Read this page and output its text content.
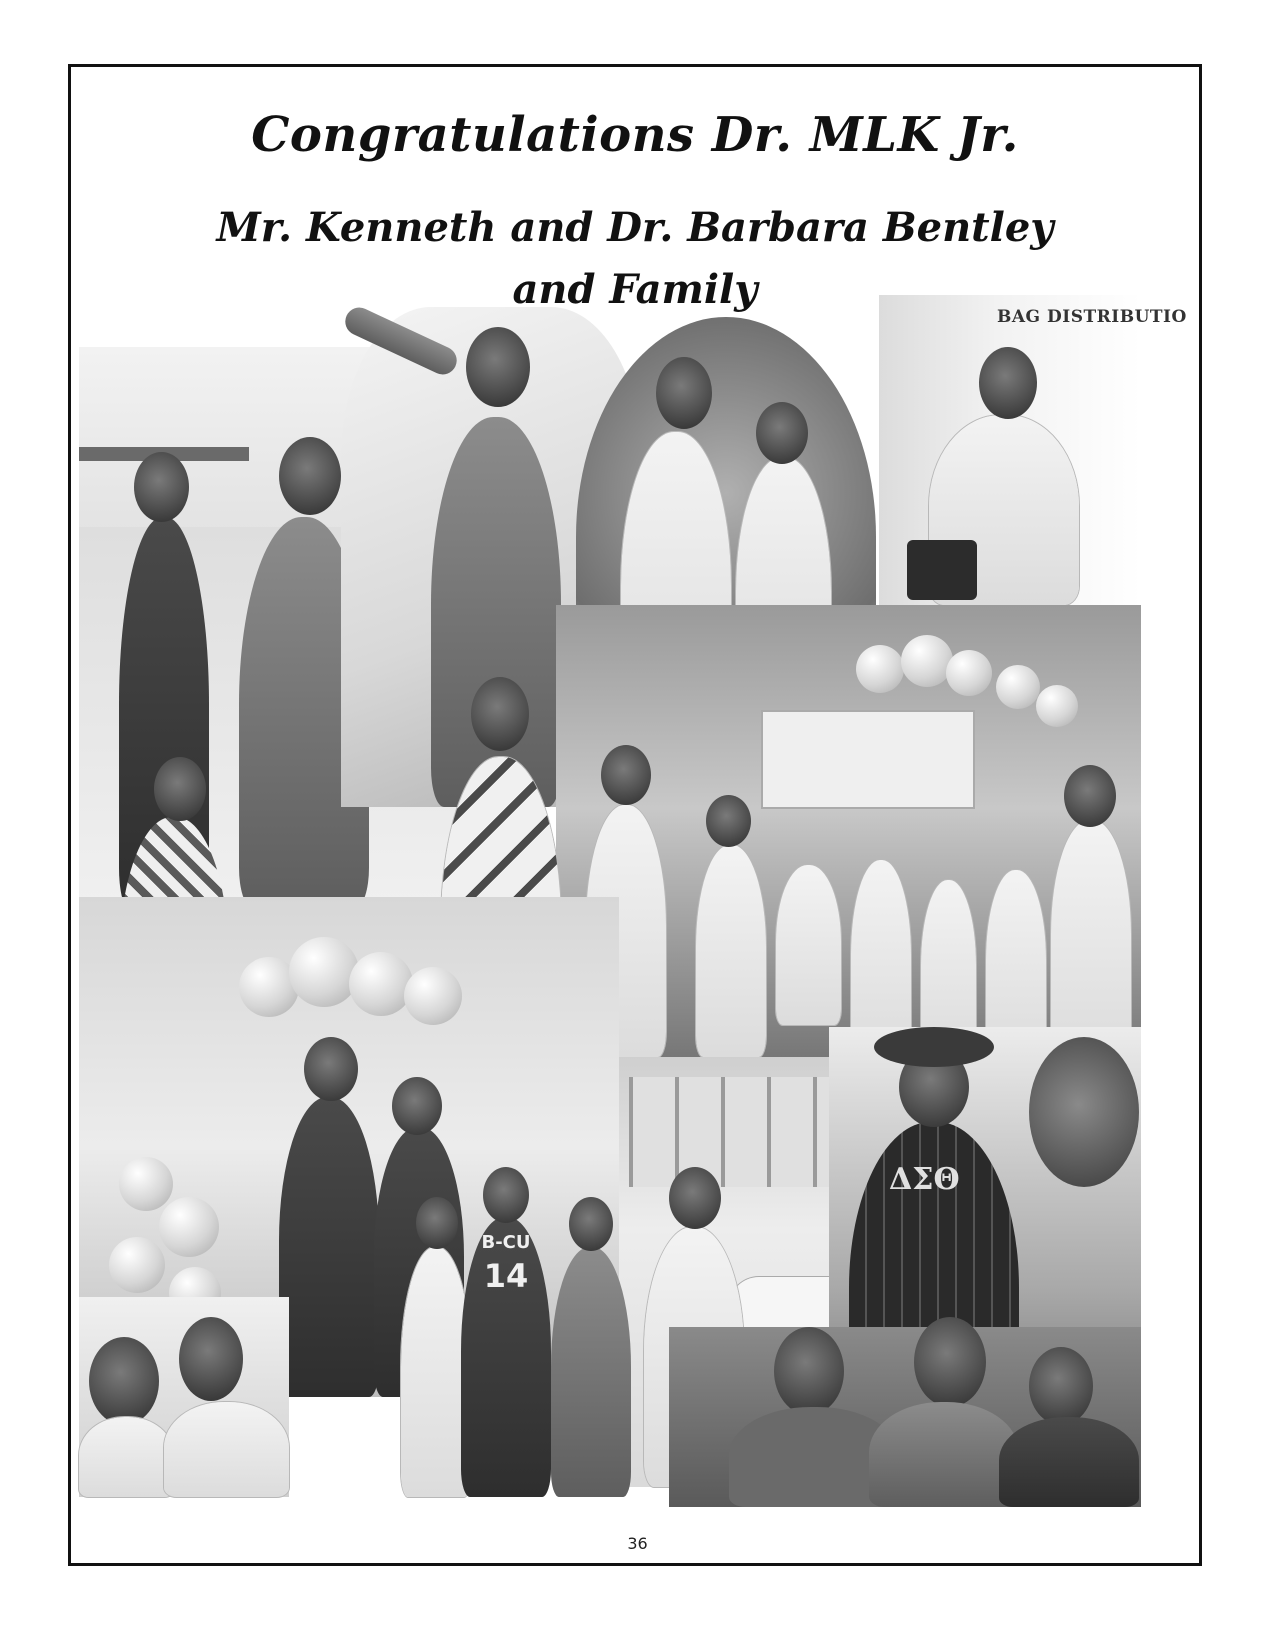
Congratulations Dr. MLK Jr.
Mr. Kenneth and Dr. Barbara Bentley
and Family
BAG DISTRIBUTIO
B-CU
14
ΔΣΘ
36
